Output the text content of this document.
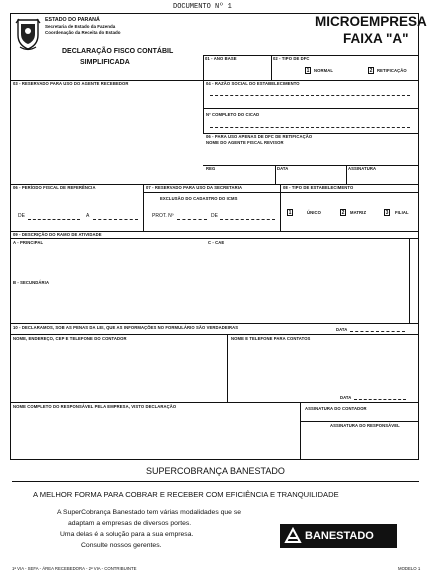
DOCUMENTO Nº 1
ESTADO DO PARANÁ
Secretaria de Estado da Fazenda
Coordenação da Receita do Estado
DECLARAÇÃO FISCO CONTÁBIL
SIMPLIFICADA
MICROEMPRESA
FAIXA "A"
01 - ANO BASE	02 - TIPO DE DFC
1	NORMAL	2	RETIFICAÇÃO
03 - RESERVADO PARA USO DO AGENTE RECEBEDOR	04 - RAZÃO SOCIAL DO ESTABELECIMENTO
Nº COMPLETO DO CICAD
06 - PARA USO APENAS DE DFC DE RETIFICAÇÃO
NOME DO AGENTE FISCAL REVISOR
REG	DATA	ASSINATURA
06 - PERÍODO FISCAL DE REFERÊNCIA	07 - RESERVADO PARA USO DA SECRETARIA
EXCLUSÃO DO CADASTRO DO ICMS
08 - TIPO DE ESTABELECIMENTO
DE	A	PROT. Nº	DE	1	ÚNICO	2	MATRIZ	3	FILIAL
09 - DESCRIÇÃO DO RAMO DE ATIVIDADE
A - PRINCIPAL	C - CAE
B - SECUNDÁRIA
10 - DECLARAMOS, SOB AS PENAS DA LEI, QUE AS INFORMAÇÕES NO FORMULÁRIO SÃO VERDADEIRAS	DATA
NOME, ENDEREÇO, CEP E TELEFONE DO CONTADOR	NOME E TELEFONE PARA CONTATOS
DATA
NOME COMPLETO DO RESPONSÁVEL PELA EMPRESA, VISTO DECLARAÇÃO	ASSINATURA DO CONTADOR
ASSINATURA DO RESPONSÁVEL
SUPERCOBRANÇA BANESTADO
A MELHOR FORMA PARA COBRAR E RECEBER COM EFICIÊNCIA E TRANQUILIDADE
A SuperCobrança Banestado tem várias modalidades que se
adaptam a empresas de diversos portes.
Uma delas é a solução para a sua empresa.
Consulte nossos gerentes.
BANESTADO
1ª VIA - SEFA - ÁREA RECEBEDORA - 2ª VIA - CONTRIBUINTE	MODELO 1
